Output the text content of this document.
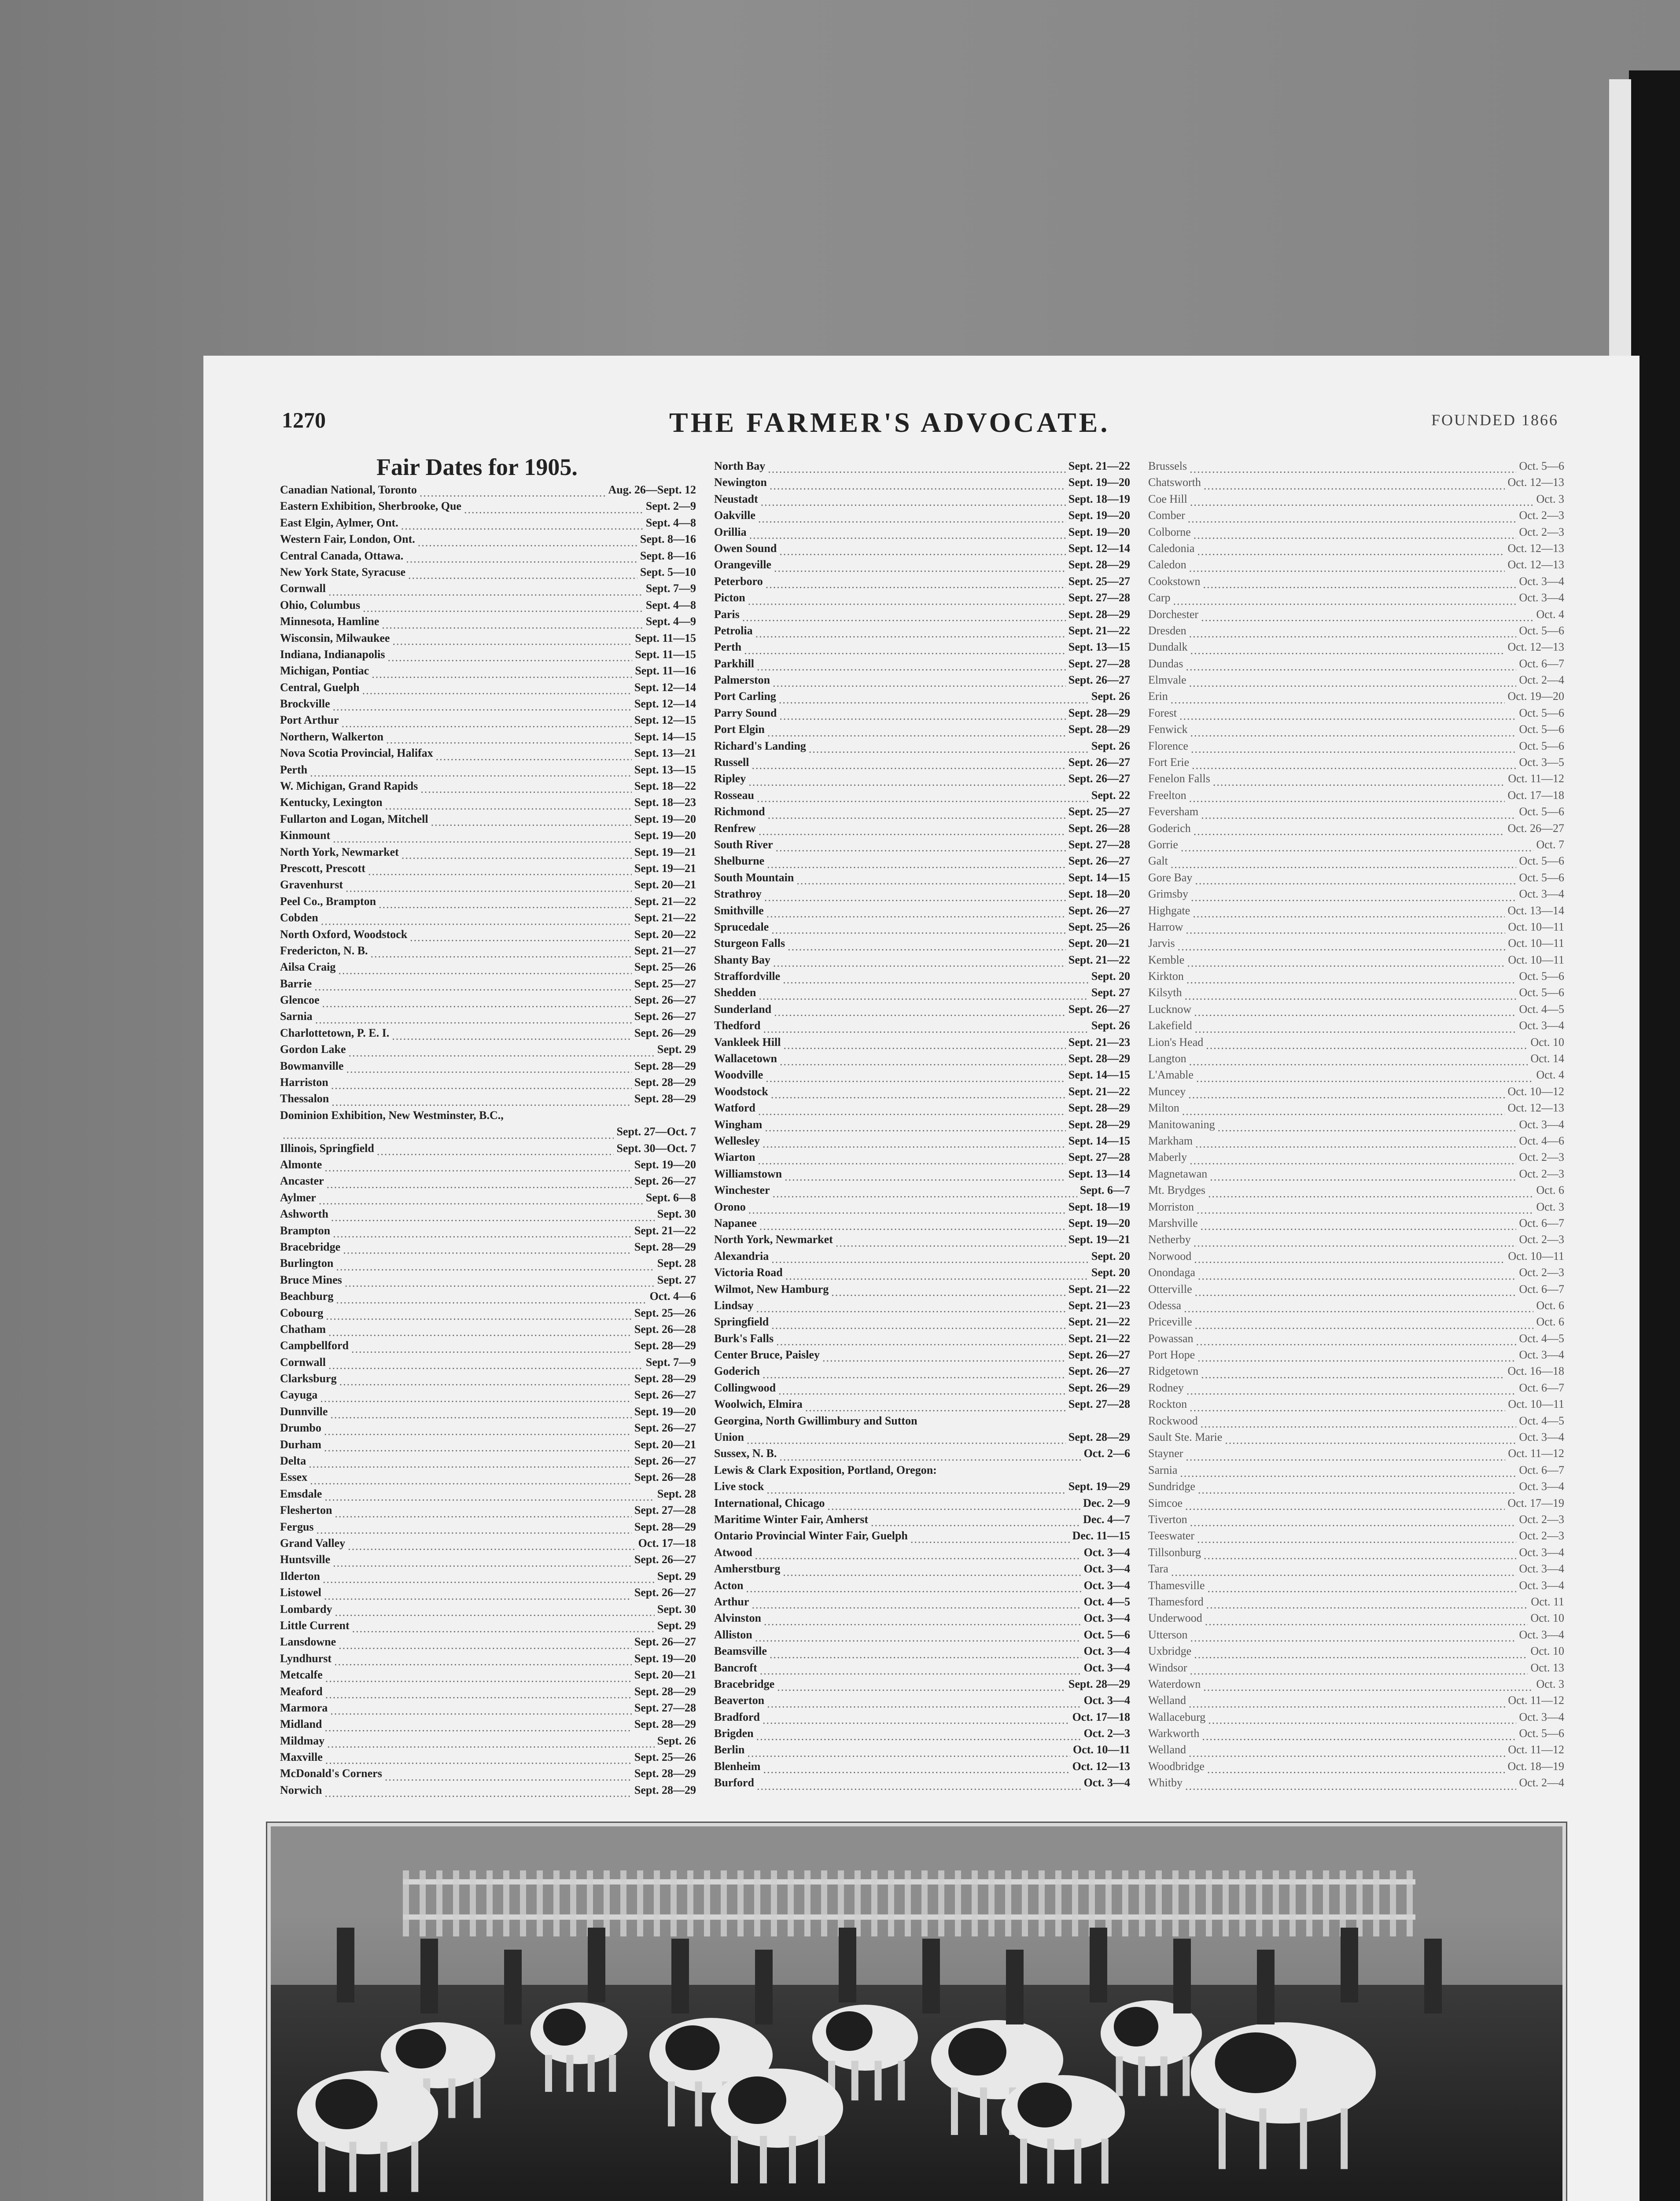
1270	THE FARMER'S ADVOCATE.	FOUNDED 1866
Fair Dates for 1905.
Canadian National, Toronto .....	Aug. 26—Sept. 12
Eastern Exhibition, Sherbrooke, Que .....	Sept. 2—9
East Elgin, Aylmer, Ont. .....	Sept. 4—8
Western Fair, London, Ont. .....	Sept. 8—16
Central Canada, Ottawa. .....	Sept. 8—16
New York State, Syracuse .....	Sept. 5—10
Cornwall .....	Sept. 7—9
Ohio, Columbus .....	Sept. 4—8
Minnesota, Hamline .....	Sept. 4—9
Wisconsin, Milwaukee .....	Sept. 11—15
Indiana, Indianapolis .....	Sept. 11—15
Michigan, Pontiac .....	Sept. 11—16
Central, Guelph .....	Sept. 12—14
Brockville .....	Sept. 12—14
Port Arthur .....	Sept. 12—15
Northern, Walkerton .....	Sept. 14—15
Nova Scotia Provincial, Halifax .....	Sept. 13—21
Perth .....	Sept. 13—15
W. Michigan, Grand Rapids .....	Sept. 18—22
Kentucky, Lexington .....	Sept. 18—23
Fullarton and Logan, Mitchell .....	Sept. 19—20
Kinmount .....	Sept. 19—20
North York, Newmarket .....	Sept. 19—21
Prescott, Prescott .....	Sept. 19—21
Gravenhurst .....	Sept. 20—21
Peel Co., Brampton .....	Sept. 21—22
Cobden .....	Sept. 21—22
North Oxford, Woodstock .....	Sept. 20—22
Fredericton, N. B. .....	Sept. 21—27
Ailsa Craig .....	Sept. 25—26
Barrie .....	Sept. 25—27
Glencoe .....	Sept. 26—27
Sarnia .....	Sept. 26—27
Charlottetown, P. E. I. .....	Sept. 26—29
Gordon Lake .....	Sept. 29
Bowmanville .....	Sept. 28—29
Harriston .....	Sept. 28—29
Thessalon .....	Sept. 28—29
Dominion Exhibition, New Westminster, B.C.,
.....
Sept. 27—Oct. 7
Illinois, Springfield .....	Sept. 30—Oct. 7
Almonte .....	Sept. 19—20
Ancaster .....	Sept. 26—27
Aylmer .....	Sept. 6—8
Ashworth .....	Sept. 30
Brampton .....	Sept. 21—22
Bracebridge .....	Sept. 28—29
Burlington .....	Sept. 28
Bruce Mines .....	Sept. 27
Beachburg .....	Oct. 4—6
Cobourg .....	Sept. 25—26
Chatham .....	Sept. 26—28
Campbellford .....	Sept. 28—29
Cornwall .....	Sept. 7—9
Clarksburg .....	Sept. 28—29
Cayuga .....	Sept. 26—27
Dunnville .....	Sept. 19—20
Drumbo .....	Sept. 26—27
Durham .....	Sept. 20—21
Delta .....	Sept. 26—27
Essex .....	Sept. 26—28
Emsdale .....	Sept. 28
Flesherton .....	Sept. 27—28
Fergus .....	Sept. 28—29
Grand Valley .....	Oct. 17—18
Huntsville .....	Sept. 26—27
Ilderton .....	Sept. 29
Listowel .....	Sept. 26—27
Lombardy .....	Sept. 30
Little Current .....	Sept. 29
Lansdowne .....	Sept. 26—27
Lyndhurst .....	Sept. 19—20
Metcalfe .....	Sept. 20—21
Meaford .....	Sept. 28—29
Marmora .....	Sept. 27—28
Midland .....	Sept. 28—29
Mildmay .....	Sept. 26
Maxville .....	Sept. 25—26
McDonald's Corners .....	Sept. 28—29
Norwich .....	Sept. 28—29
North Bay .....	Sept. 21—22
Newington .....	Sept. 19—20
Neustadt .....	Sept. 18—19
Oakville .....	Sept. 19—20
Orillia .....	Sept. 19—20
Owen Sound .....	Sept. 12—14
Orangeville .....	Sept. 28—29
Peterboro .....	Sept. 25—27
Picton .....	Sept. 27—28
Paris .....	Sept. 28—29
Petrolia .....	Sept. 21—22
Perth .....	Sept. 13—15
Parkhill .....	Sept. 27—28
Palmerston .....	Sept. 26—27
Port Carling .....	Sept. 26
Parry Sound .....	Sept. 28—29
Port Elgin .....	Sept. 28—29
Richard's Landing .....	Sept. 26
Russell .....	Sept. 26—27
Ripley .....	Sept. 26—27
Rosseau .....	Sept. 22
Richmond .....	Sept. 25—27
Renfrew .....	Sept. 26—28
South River .....	Sept. 27—28
Shelburne .....	Sept. 26—27
South Mountain .....	Sept. 14—15
Strathroy .....	Sept. 18—20
Smithville .....	Sept. 26—27
Sprucedale .....	Sept. 25—26
Sturgeon Falls .....	Sept. 20—21
Shanty Bay .....	Sept. 21—22
Straffordville .....	Sept. 20
Shedden .....	Sept. 27
Sunderland .....	Sept. 26—27
Thedford .....	Sept. 26
Vankleek Hill .....	Sept. 21—23
Wallacetown .....	Sept. 28—29
Woodville .....	Sept. 14—15
Woodstock .....	Sept. 21—22
Watford .....	Sept. 28—29
Wingham .....	Sept. 28—29
Wellesley .....	Sept. 14—15
Wiarton .....	Sept. 27—28
Williamstown .....	Sept. 13—14
Winchester .....	Sept. 6—7
Orono .....	Sept. 18—19
Napanee .....	Sept. 19—20
North York, Newmarket .....	Sept. 19—21
Alexandria .....	Sept. 20
Victoria Road .....	Sept. 20
Wilmot, New Hamburg .....	Sept. 21—22
Lindsay .....	Sept. 21—23
Springfield .....	Sept. 21—22
Burk's Falls .....	Sept. 21—22
Center Bruce, Paisley .....	Sept. 26—27
Goderich .....	Sept. 26—27
Collingwood .....	Sept. 26—29
Woolwich, Elmira .....	Sept. 27—28
Georgina, North Gwillimbury and Sutton
Union .....	Sept. 28—29
Sussex, N. B. .....	Oct. 2—6
Lewis & Clark Exposition, Portland, Oregon:
Live stock .....	Sept. 19—29
International, Chicago .....	Dec. 2—9
Maritime Winter Fair, Amherst .....	Dec. 4—7
Ontario Provincial Winter Fair, Guelph .....	Dec. 11—15
Atwood .....	Oct. 3—4
Amherstburg .....	Oct. 3—4
Acton .....	Oct. 3—4
Arthur .....	Oct. 4—5
Alvinston .....	Oct. 3—4
Alliston .....	Oct. 5—6
Beamsville .....	Oct. 3—4
Bancroft .....	Oct. 3—4
Bracebridge .....	Sept. 28—29
Beaverton .....	Oct. 3—4
Bradford .....	Oct. 17—18
Brigden .....	Oct. 2—3
Berlin .....	Oct. 10—11
Blenheim .....	Oct. 12—13
Burford .....	Oct. 3—4
Brussels .....	Oct. 5—6
Chatsworth .....	Oct. 12—13
Coe Hill .....	Oct. 3
Comber .....	Oct. 2—3
Colborne .....	Oct. 2—3
Caledonia .....	Oct. 12—13
Caledon .....	Oct. 12—13
Cookstown .....	Oct. 3—4
Carp .....	Oct. 3—4
Dorchester .....	Oct. 4
Dresden .....	Oct. 5—6
Dundalk .....	Oct. 12—13
Dundas .....	Oct. 6—7
Elmvale .....	Oct. 2—4
Erin .....	Oct. 19—20
Forest .....	Oct. 5—6
Fenwick .....	Oct. 5—6
Florence .....	Oct. 5—6
Fort Erie .....	Oct. 3—5
Fenelon Falls .....	Oct. 11—12
Freelton .....	Oct. 17—18
Feversham .....	Oct. 5—6
Goderich .....	Oct. 26—27
Gorrie .....	Oct. 7
Galt .....	Oct. 5—6
Gore Bay .....	Oct. 5—6
Grimsby .....	Oct. 3—4
Highgate .....	Oct. 13—14
Harrow .....	Oct. 10—11
Jarvis .....	Oct. 10—11
Kemble .....	Oct. 10—11
Kirkton .....	Oct. 5—6
Kilsyth .....	Oct. 5—6
Lucknow .....	Oct. 4—5
Lakefield .....	Oct. 3—4
Lion's Head .....	Oct. 10
Langton .....	Oct. 14
L'Amable .....	Oct. 4
Muncey .....	Oct. 10—12
Milton .....	Oct. 12—13
Manitowaning .....	Oct. 3—4
Markham .....	Oct. 4—6
Maberly .....	Oct. 2—3
Magnetawan .....	Oct. 2—3
Mt. Brydges .....	Oct. 6
Morriston .....	Oct. 3
Marshville .....	Oct. 6—7
Netherby .....	Oct. 2—3
Norwood .....	Oct. 10—11
Onondaga .....	Oct. 2—3
Otterville .....	Oct. 6—7
Odessa .....	Oct. 6
Priceville .....	Oct. 6
Powassan .....	Oct. 4—5
Port Hope .....	Oct. 3—4
Ridgetown .....	Oct. 16—18
Rodney .....	Oct. 6—7
Rockton .....	Oct. 10—11
Rockwood .....	Oct. 4—5
Sault Ste. Marie .....	Oct. 3—4
Stayner .....	Oct. 11—12
Sarnia .....	Oct. 6—7
Sundridge .....	Oct. 3—4
Simcoe .....	Oct. 17—19
Tiverton .....	Oct. 2—3
Teeswater .....	Oct. 2—3
Tillsonburg .....	Oct. 3—4
Tara .....	Oct. 3—4
Thamesville .....	Oct. 3—4
Thamesford .....	Oct. 11
Underwood .....	Oct. 10
Utterson .....	Oct. 3—4
Uxbridge .....	Oct. 10
Windsor .....	Oct. 13
Waterdown .....	Oct. 3
Welland .....	Oct. 11—12
Wallaceburg .....	Oct. 3—4
Warkworth .....	Oct. 5—6
Welland .....	Oct. 11—12
Woodbridge .....	Oct. 18—19
Whitby .....	Oct. 2—4
